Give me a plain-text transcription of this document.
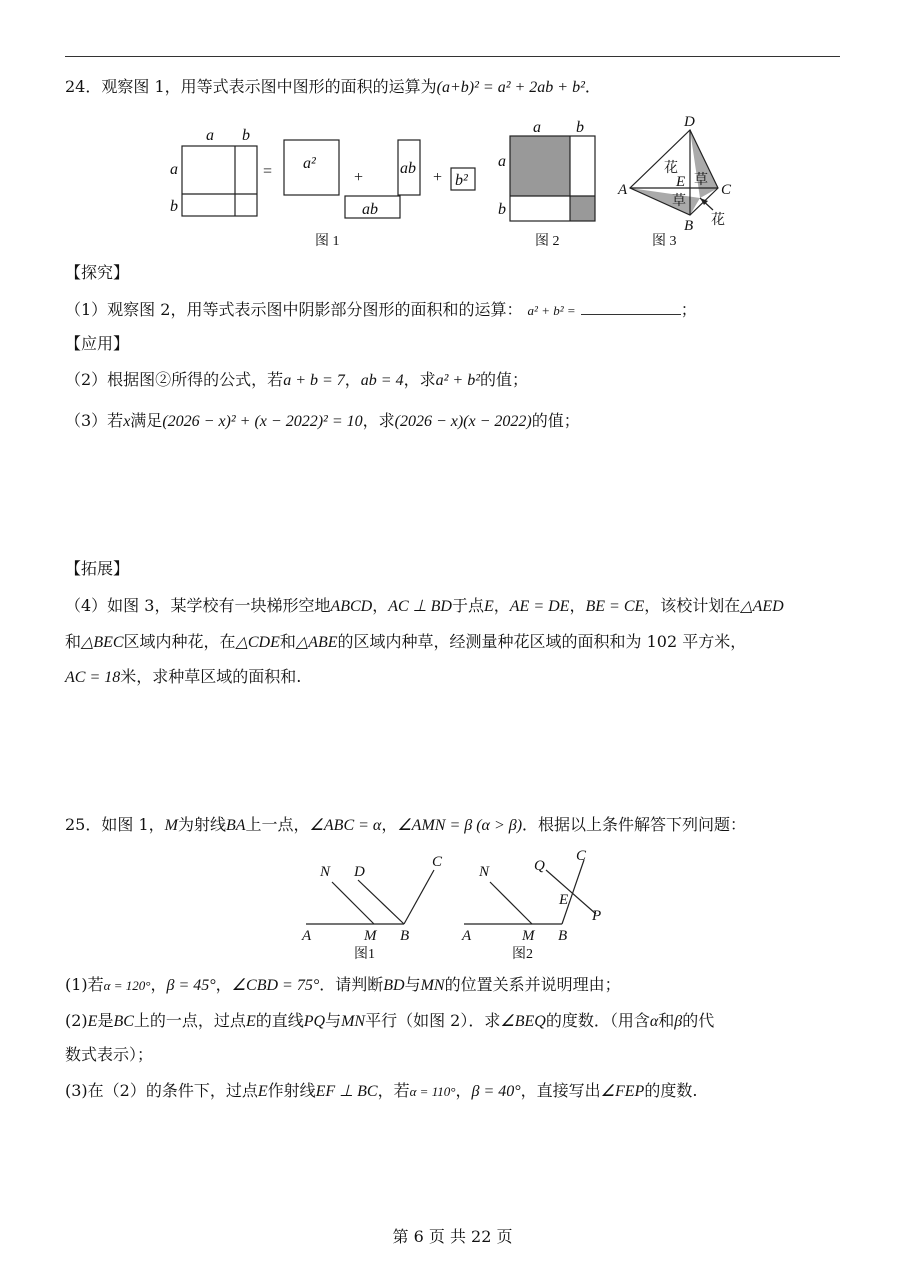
24．观察图 1，用等式表示图中图形的面积的运算为(a+b)² = a² + 2ab + b²．
a b
a
b
a²	ab
ab
b²
=	+	+
a b
a
b
D
A	C
B
E
花
草
草
花
图 1	图 2	图 3
【探究】
（1）观察图 2，用等式表示图中阴影部分图形的面积和的运算： a² + b² =	；
【应用】
（2）根据图②所得的公式，若a + b = 7，ab = 4，求a² + b²的值；
（3）若x满足(2026 − x)² + (x − 2022)² = 10，求(2026 − x)(x − 2022)的值；
【拓展】
（4）如图 3，某学校有一块梯形空地ABCD，AC ⊥ BD于点E，AE = DE，BE = CE，该校计划在△AED
和△BEC区域内种花，在△CDE和△ABE的区域内种草，经测量种花区域的面积和为 102 平方米，
AC = 18米，求种草区域的面积和.
25．如图 1，M为射线BA上一点，∠ABC = α，∠AMN = β (α > β)．根据以上条件解答下列问题：
N D
C
A	M B
图1
N	Q
C
E
P
A	M B
图2
(1)若α = 120°，β = 45°，∠CBD = 75°．请判断BD与MN的位置关系并说明理由；
(2)E是BC上的一点，过点E的直线PQ与MN平行（如图 2）．求∠BEQ的度数．（用含α和β的代
数式表示）；
(3)在（2）的条件下，过点E作射线EF ⊥ BC，若α = 110°，β = 40°，直接写出∠FEP的度数.
第 6 页 共 22 页
